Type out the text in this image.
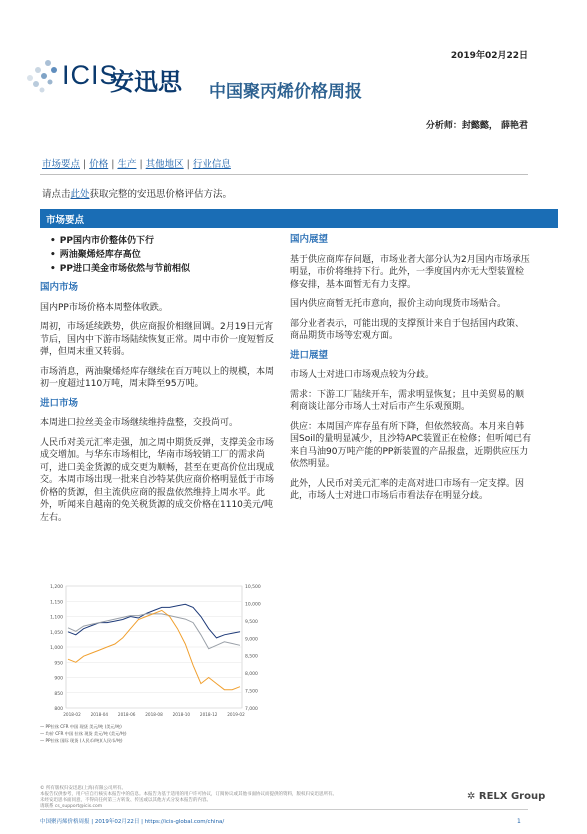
2019年02月22日
ICIS
安迅思 中国聚丙烯价格周报
分析师：封懿懿， 薛艳君
市场要点 | 价格 | 生产 | 其他地区 | 行业信息
请点击此处获取完整的安迅思价格评估方法。
市场要点
• PP国内市价整体仍下行
• 两油聚烯烃库存高位
• PP进口美金市场依然与节前相似

国内市场

国内PP市场价格本周整体收跌。

周初，市场延续跌势，供应商报价相继回调。2月19日元宵节后，国内中下游市场陆续恢复正常。周中市价一度短暂反弹，但周末重又转弱。

市场消息，两油聚烯烃库存继续在百万吨以上的规模，本周初一度超过110万吨，周末降至95万吨。

进口市场

本周进口拉丝美金市场继续维持盘整，交投尚可。

人民币对美元汇率走强，加之周中期货反弹，支撑美金市场成交增加。与华东市场相比，华南市场较销工厂的需求尚可，进口美金货源的成交更为顺畅，甚至在更高价位出现成交。本周市场出现一批来自沙特某供应商价格明显低于市场价格的货源，但主流供应商的报盘依然维持上周水平。此外，听闻来自越南的免关税货源的成交价格在1110美元/吨左右。

国内展望

基于供应商库存问题，市场业者大部分认为2月国内市场承压明显，市价将维持下行。此外，一季度国内亦无大型装置检修安排，基本面暂无有力支撑。

国内供应商暂无托市意向，报价主动向现货市场贴合。

部分业者表示，可能出现的支撑预计来自于包括国内政策、商品期货市场等宏观方面。

进口展望

市场人士对进口市场观点较为分歧。

需求：下游工厂陆续开车，需求明显恢复；且中美贸易的顺利商谈让部分市场人士对后市产生乐观预期。

供应：本周国产库存虽有所下降，但依然较高。本月来自韩国Soil的量明显减少，且沙特APC装置正在检修；但听闻已有来自马油90万吨产能的PP新装置的产品报盘，近期供应压力依然明显。

此外，人民币对美元汇率的走高对进口市场有一定支撑。因此，市场人士对进口市场后市看法存在明显分歧。

1,200
1,150
1,100
1,050
1,000
950
900
850
800
10,500
10,000
9,500
9,000
8,500
8,000
7,500
7,000
2018-02 2018-04 2018-06 2018-08 2018-10 2018-12 2019-02
— PP拉丝 CFR 中国 现货 美元/吨 (美元/吨)
— 均价 CFR 中国 拉丝 现货 美元/吨 (美元/吨)
— PP拉丝 国际 现货 (人民币/吨)(人民币/吨)
© 所有版权归安迅思(上海)有限公司所有。
本报告仅供参考，用户应自行核实本报告中的信息。本报告为基于适用的用户许可协议，订阅协议或其他书面协议而提供的资料，版权归安迅思所有。
未经安迅思书面同意，不得向任何第三方转发、传送或以其他方式分发本报告的内容。
请联系 cs_support@icis.com
✲ RELX Group
中国聚丙烯价格周报 | 2019年02月22日 | https://icis-global.com/china/	1
